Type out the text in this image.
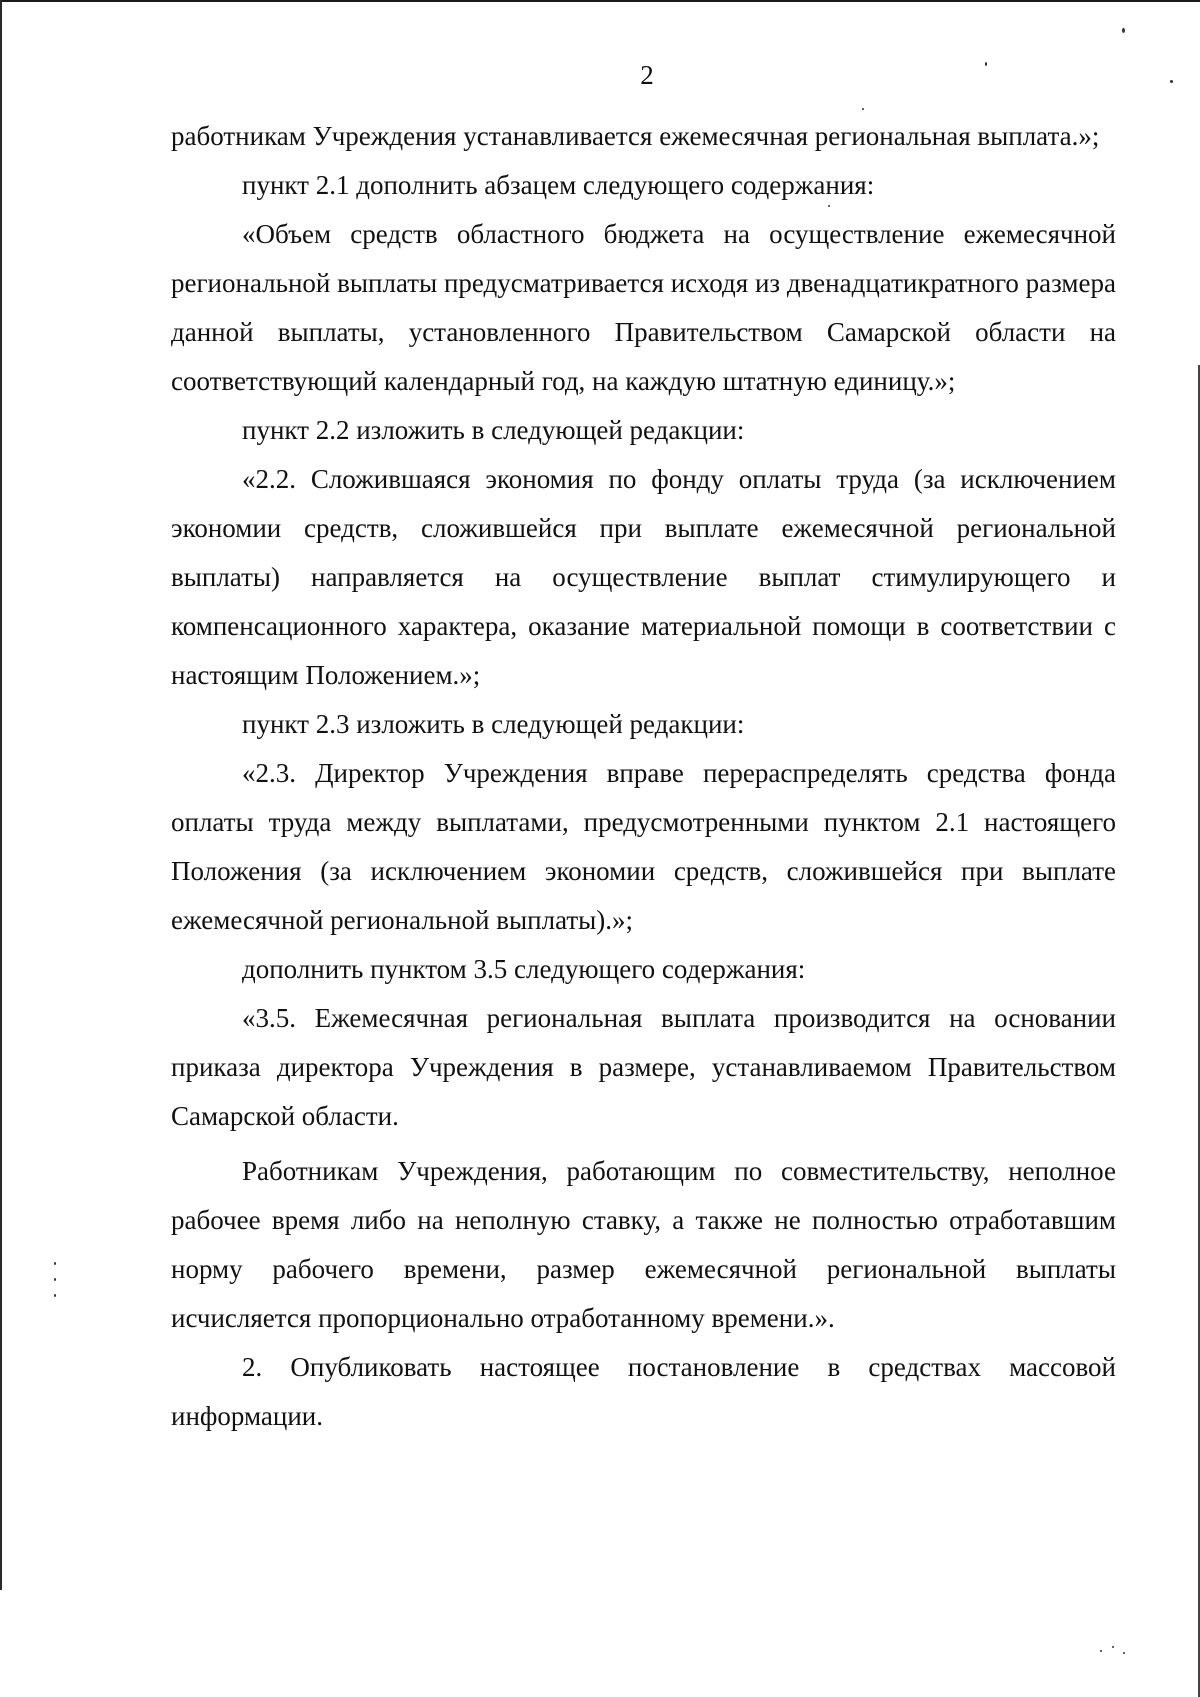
2

работникам Учреждения устанавливается ежемесячная региональная выплата.»;

пункт 2.1 дополнить абзацем следующего содержания:

«Объем средств областного бюджета на осуществление ежемесячной региональной выплаты предусматривается исходя из двенадцатикратного размера данной выплаты, установленного Правительством Самарской области на соответствующий календарный год, на каждую штатную единицу.»;

пункт 2.2 изложить в следующей редакции:

«2.2. Сложившаяся экономия по фонду оплаты труда (за исключением экономии средств, сложившейся при выплате ежемесячной региональной выплаты) направляется на осуществление выплат стимулирующего и компенсационного характера, оказание материальной помощи в соответствии с настоящим Положением.»;

пункт 2.3 изложить в следующей редакции:

«2.3. Директор Учреждения вправе перераспределять средства фонда оплаты труда между выплатами, предусмотренными пунктом 2.1 настоящего Положения (за исключением экономии средств, сложившейся при выплате ежемесячной региональной выплаты).»;

дополнить пунктом 3.5 следующего содержания:

«3.5. Ежемесячная региональная выплата производится на основании приказа директора Учреждения в размере, устанавливаемом Правительством Самарской области.

Работникам Учреждения, работающим по совместительству, неполное рабочее время либо на неполную ставку, а также не полностью отработавшим норму рабочего времени, размер ежемесячной региональной выплаты исчисляется пропорционально отработанному времени.».

2. Опубликовать настоящее постановление в средствах массовой информации.
